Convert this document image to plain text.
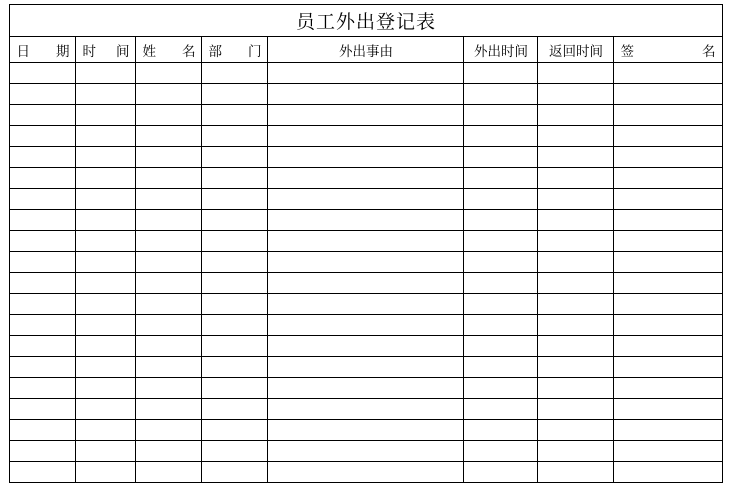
员工外出登记表							

日 期	时 间	姓 名	部 门	外出事由	外出时间	返回时间	签 名
